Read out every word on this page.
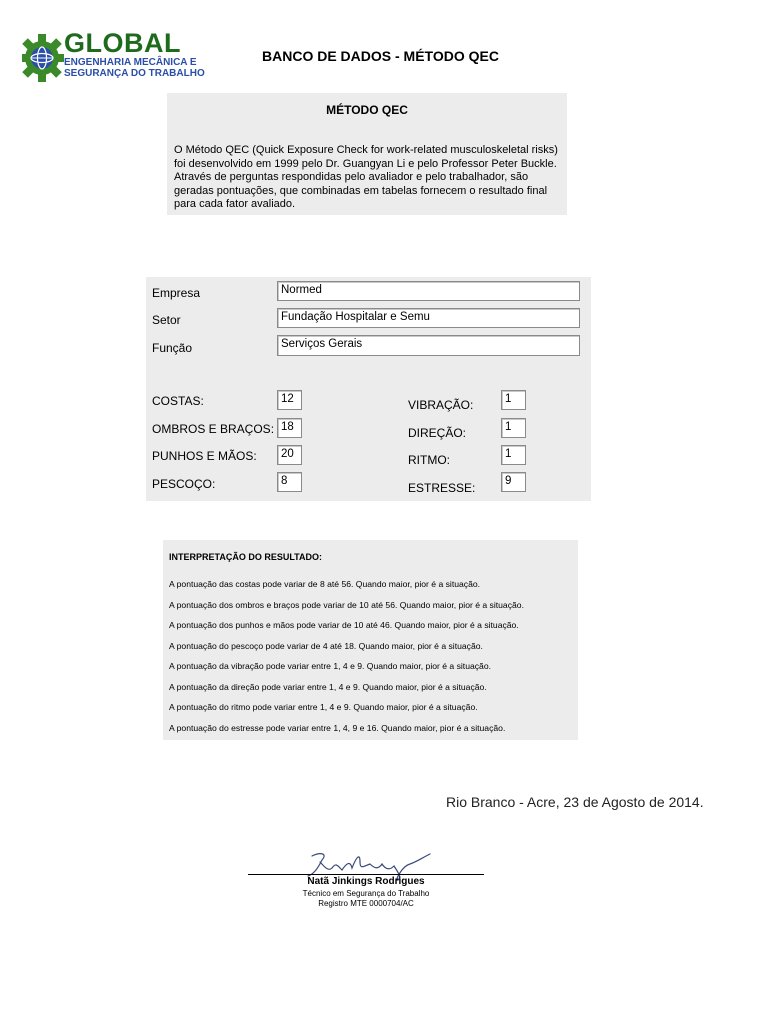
GLOBAL
ENGENHARIA MECÂNICA E
SEGURANÇA DO TRABALHO
BANCO DE DADOS - MÉTODO QEC
MÉTODO QEC
O Método QEC (Quick Exposure Check for work-related musculoskeletal risks) foi desenvolvido em 1999 pelo Dr. Guangyan Li e pelo Professor Peter Buckle. Através de perguntas respondidas pelo avaliador e pelo trabalhador, são geradas pontuações, que combinadas em tabelas fornecem o resultado final para cada fator avaliado.
Empresa	Normed
Setor	Fundação Hospitalar e Semu
Função	Serviços Gerais
COSTAS:	12
OMBROS E BRAÇOS: 18
PUNHOS E MÃOS:	20
PESCOÇO:	8
VIBRAÇÃO:	1
DIREÇÃO:	1
RITMO:	1
ESTRESSE:	9
INTERPRETAÇÃO DO RESULTADO:
A pontuação das costas pode variar de 8 até 56. Quando maior, pior é a situação.
A pontuação dos ombros e braços pode variar de 10 até 56. Quando maior, pior é a situação.
A pontuação dos punhos e mãos pode variar de 10 até 46. Quando maior, pior é a situação.
A pontuação do pescoço pode variar de 4 até 18. Quando maior, pior é a situação.
A pontuação da vibração pode variar entre 1, 4 e 9. Quando maior, pior é a situação.
A pontuação da direção pode variar entre 1, 4 e 9. Quando maior, pior é a situação.
A pontuação do ritmo pode variar entre 1, 4 e 9. Quando maior, pior é a situação.
A pontuação do estresse pode variar entre 1, 4, 9 e 16. Quando maior, pior é a situação.
Rio Branco - Acre, 23 de Agosto de 2014.
Natã Jinkings Rodrigues
Técnico em Segurança do Trabalho
Registro MTE 0000704/AC
